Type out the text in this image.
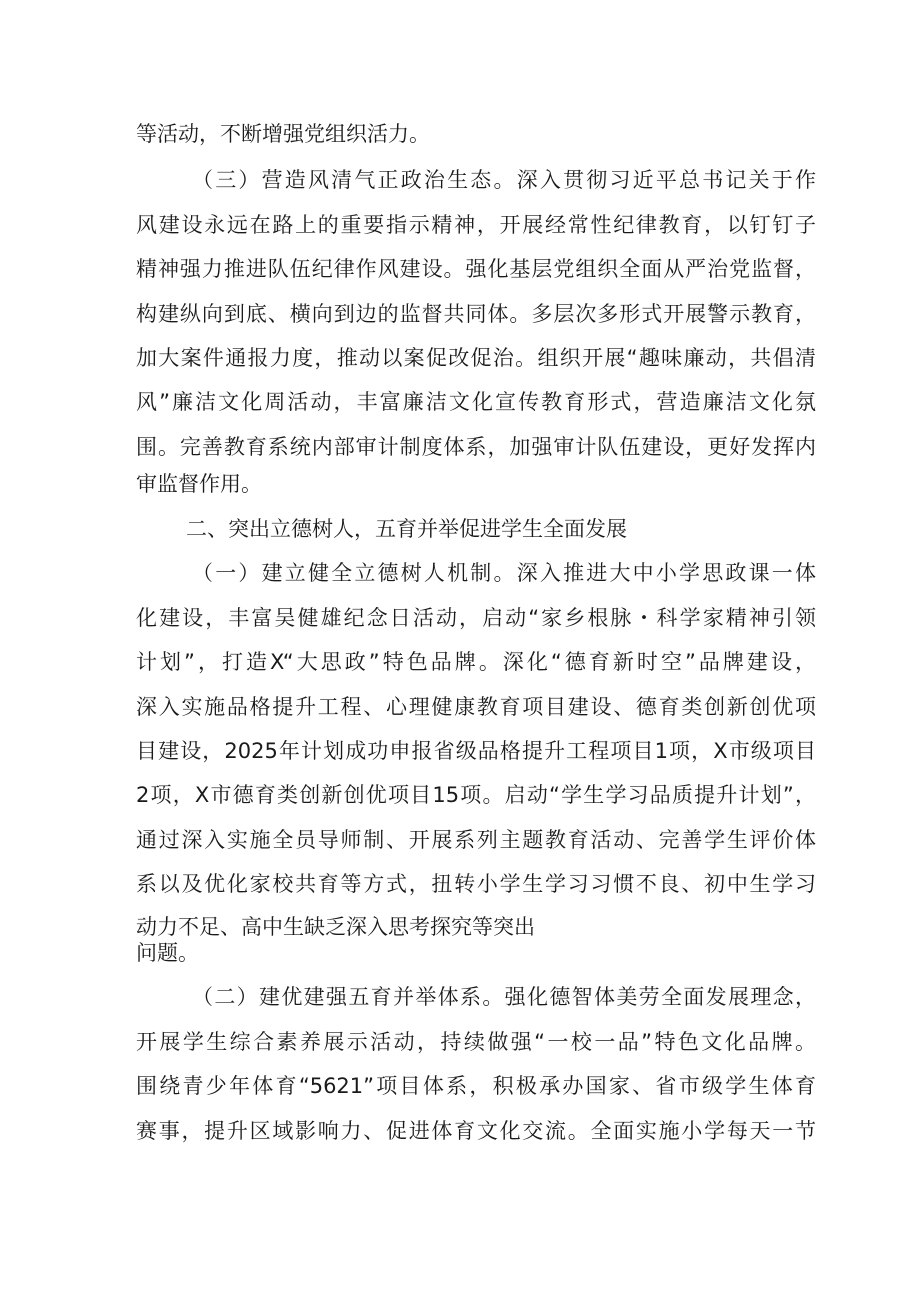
等活动，不断增强党组织活力。
（三）营造风清气正政治生态。深入贯彻习近平总书记关于作
风建设永远在路上的重要指示精神，开展经常性纪律教育，以钉钉子
精神强力推进队伍纪律作风建设。强化基层党组织全面从严治党监督，
构建纵向到底、横向到边的监督共同体。多层次多形式开展警示教育，
加大案件通报力度，推动以案促改促治。组织开展“趣味廉动，共倡清
风”廉洁文化周活动，丰富廉洁文化宣传教育形式，营造廉洁文化氛
围。完善教育系统内部审计制度体系，加强审计队伍建设，更好发挥内
审监督作用。
二、突出立德树人，五育并举促进学生全面发展
（一）建立健全立德树人机制。深入推进大中小学思政课一体
化建设，丰富吴健雄纪念日活动，启动“家乡根脉・科学家精神引领
计划”，打造X“大思政”特色品牌。深化“德育新时空”品牌建设，
深入实施品格提升工程、心理健康教育项目建设、德育类创新创优项
目建设，2025年计划成功申报省级品格提升工程项目1项，X市级项目
2项，X市德育类创新创优项目15项。启动“学生学习品质提升计划”，
通过深入实施全员导师制、开展系列主题教育活动、完善学生评价体
系以及优化家校共育等方式，扭转小学生学习习惯不良、初中生学习
动力不足、高中生缺乏深入思考探究等突出
问题。
（二）建优建强五育并举体系。强化德智体美劳全面发展理念，
开展学生综合素养展示活动，持续做强“一校一品”特色文化品牌。
围绕青少年体育“5621”项目体系，积极承办国家、省市级学生体育
赛事，提升区域影响力、促进体育文化交流。全面实施小学每天一节
